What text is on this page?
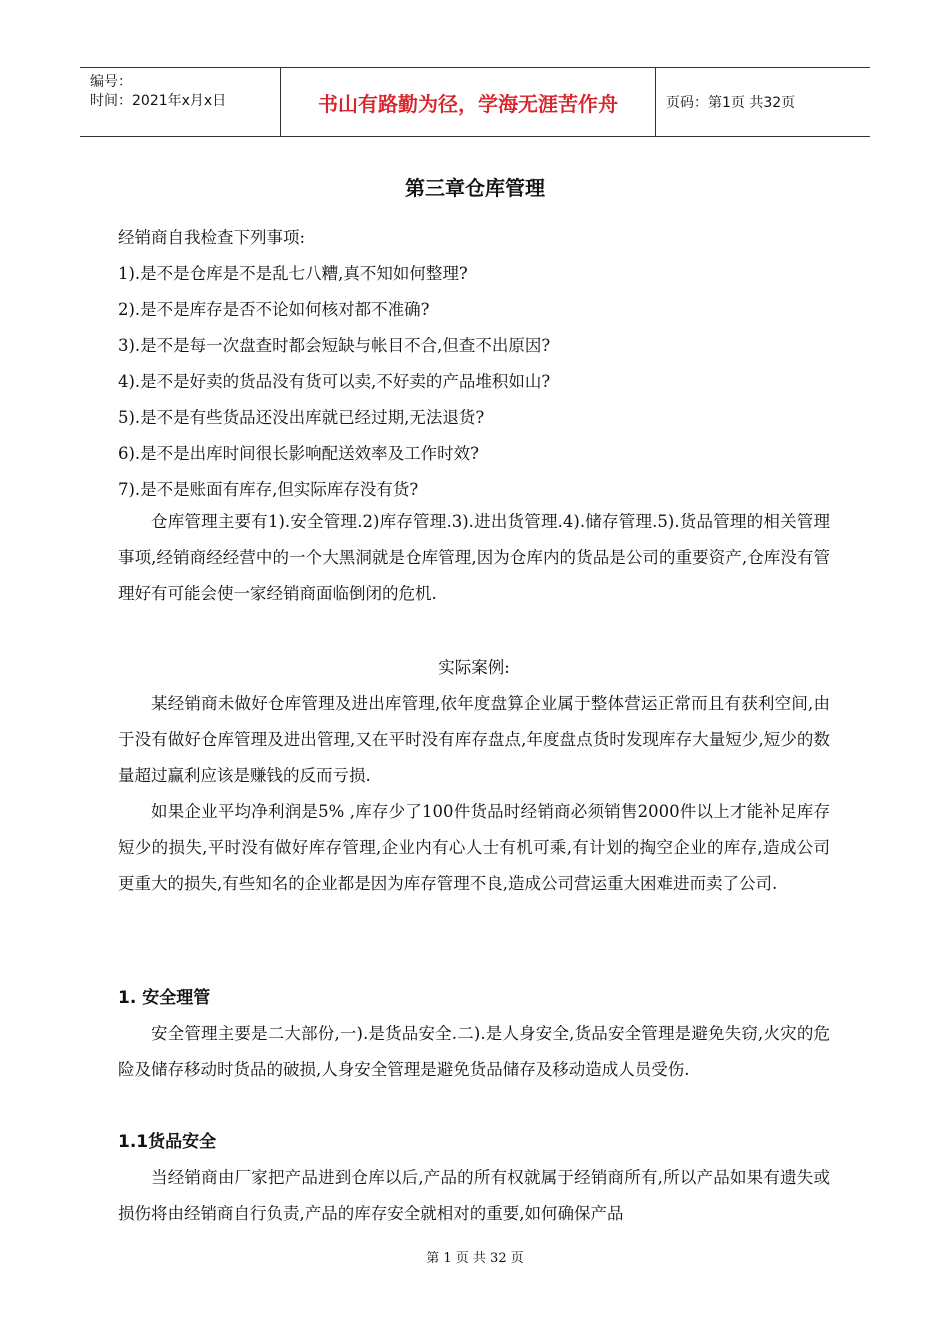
编号：
时间：2021年x月x日	书山有路勤为径，学海无涯苦作舟	页码：第1页 共32页
第三章仓库管理
经销商自我检查下列事项:
1).是不是仓库是不是乱七八糟,真不知如何整理?
2).是不是库存是否不论如何核对都不准确?
3).是不是每一次盘查时都会短缺与帐目不合,但查不出原因?
4).是不是好卖的货品没有货可以卖,不好卖的产品堆积如山?
5).是不是有些货品还没出库就已经过期,无法退货?
6).是不是出库时间很长影响配送效率及工作时效?
7).是不是账面有库存,但实际库存没有货?
仓库管理主要有1).安全管理.2)库存管理.3).进出货管理.4).储存管理.5).货品管理的相关管理事项,经销商经经营中的一个大黑洞就是仓库管理,因为仓库内的货品是公司的重要资产,仓库没有管理好有可能会使一家经销商面临倒闭的危机.
实际案例:
某经销商未做好仓库管理及进出库管理,依年度盘算企业属于整体营运正常而且有获利空间,由于没有做好仓库管理及进出管理,又在平时没有库存盘点,年度盘点货时发现库存大量短少,短少的数量超过赢利应该是赚钱的反而亏损.
如果企业平均净利润是5% ,库存少了100件货品时经销商必须销售2000件以上才能补足库存短少的损失,平时没有做好库存管理,企业内有心人士有机可乘,有计划的掏空企业的库存,造成公司更重大的损失,有些知名的企业都是因为库存管理不良,造成公司营运重大困难进而卖了公司.
1. 安全理管
安全管理主要是二大部份,一).是货品安全.二).是人身安全,货品安全管理是避免失窃,火灾的危险及储存移动时货品的破损,人身安全管理是避免货品储存及移动造成人员受伤.
1.1货品安全
当经销商由厂家把产品进到仓库以后,产品的所有权就属于经销商所有,所以产品如果有遗失或损伤将由经销商自行负责,产品的库存安全就相对的重要,如何确保产品
第 1 页 共 32 页
